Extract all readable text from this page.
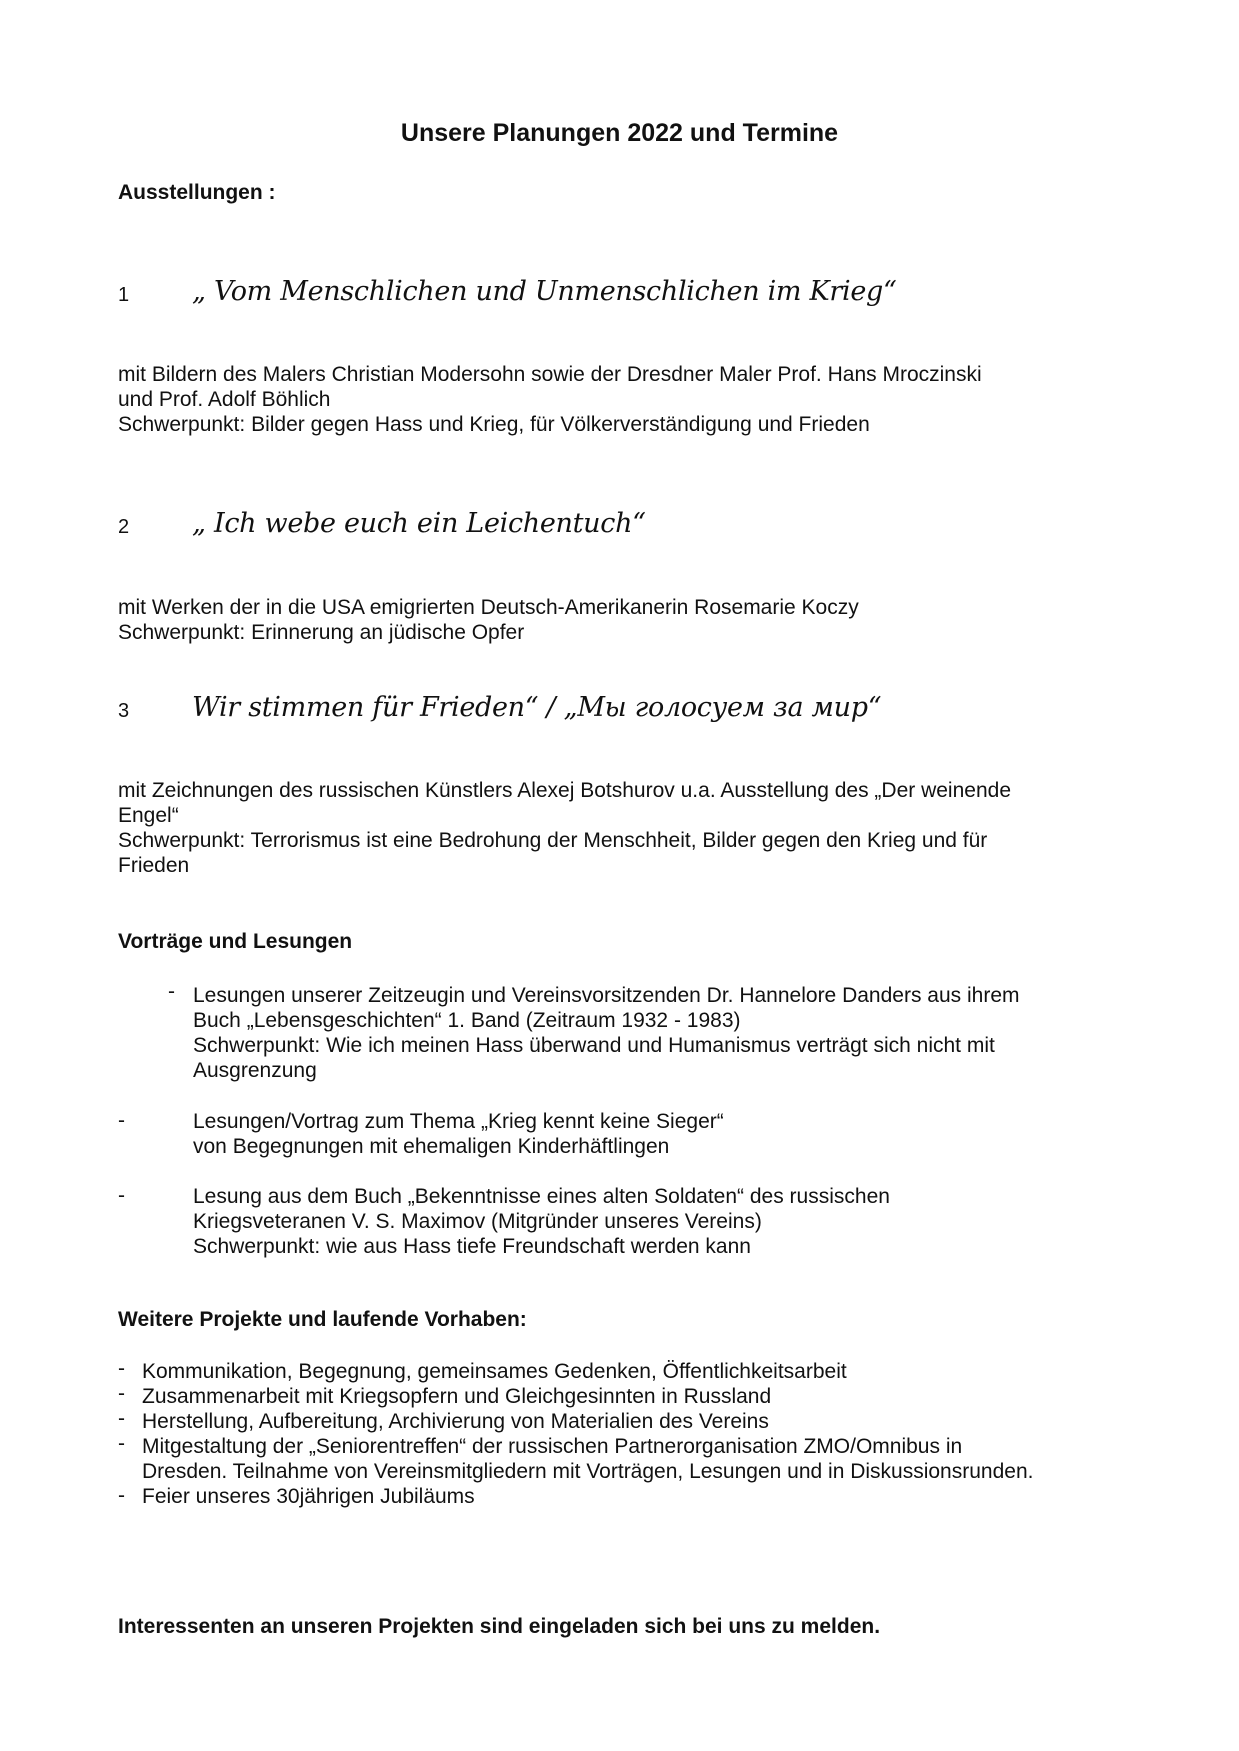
Unsere Planungen 2022 und Termine
Ausstellungen :
1 „ Vom Menschlichen und Unmenschlichen im Krieg“
mit Bildern des Malers Christian Modersohn sowie der Dresdner Maler Prof. Hans Mroczinski
und Prof. Adolf Böhlich
Schwerpunkt: Bilder gegen Hass und Krieg, für Völkerverständigung und Frieden
2 „ Ich webe euch ein Leichentuch“
mit Werken der in die USA emigrierten Deutsch-Amerikanerin Rosemarie Koczy
Schwerpunkt: Erinnerung an jüdische Opfer
3 Wir stimmen für Frieden“ / „Мы голосуем за мир“
mit Zeichnungen des russischen Künstlers Alexej Botshurov u.a. Ausstellung des „Der weinende
Engel“
Schwerpunkt: Terrorismus ist eine Bedrohung der Menschheit, Bilder gegen den Krieg und für
Frieden
Vorträge und Lesungen
- Lesungen unserer Zeitzeugin und Vereinsvorsitzenden Dr. Hannelore Danders aus ihrem
Buch „Lebensgeschichten“ 1. Band (Zeitraum 1932 - 1983)
Schwerpunkt: Wie ich meinen Hass überwand und Humanismus verträgt sich nicht mit
Ausgrenzung
-	Lesungen/Vortrag zum Thema „Krieg kennt keine Sieger“
von Begegnungen mit ehemaligen Kinderhäftlingen
-	Lesung aus dem Buch „Bekenntnisse eines alten Soldaten“ des russischen
Kriegsveteranen V. S. Maximov (Mitgründer unseres Vereins)
Schwerpunkt: wie aus Hass tiefe Freundschaft werden kann
Weitere Projekte und laufende Vorhaben:
- Kommunikation, Begegnung, gemeinsames Gedenken, Öffentlichkeitsarbeit
- Zusammenarbeit mit Kriegsopfern und Gleichgesinnten in Russland
- Herstellung, Aufbereitung, Archivierung von Materialien des Vereins
- Mitgestaltung der „Seniorentreffen“ der russischen Partnerorganisation ZMO/Omnibus in
Dresden. Teilnahme von Vereinsmitgliedern mit Vorträgen, Lesungen und in Diskussionsrunden.
- Feier unseres 30jährigen Jubiläums
Interessenten an unseren Projekten sind eingeladen sich bei uns zu melden.
